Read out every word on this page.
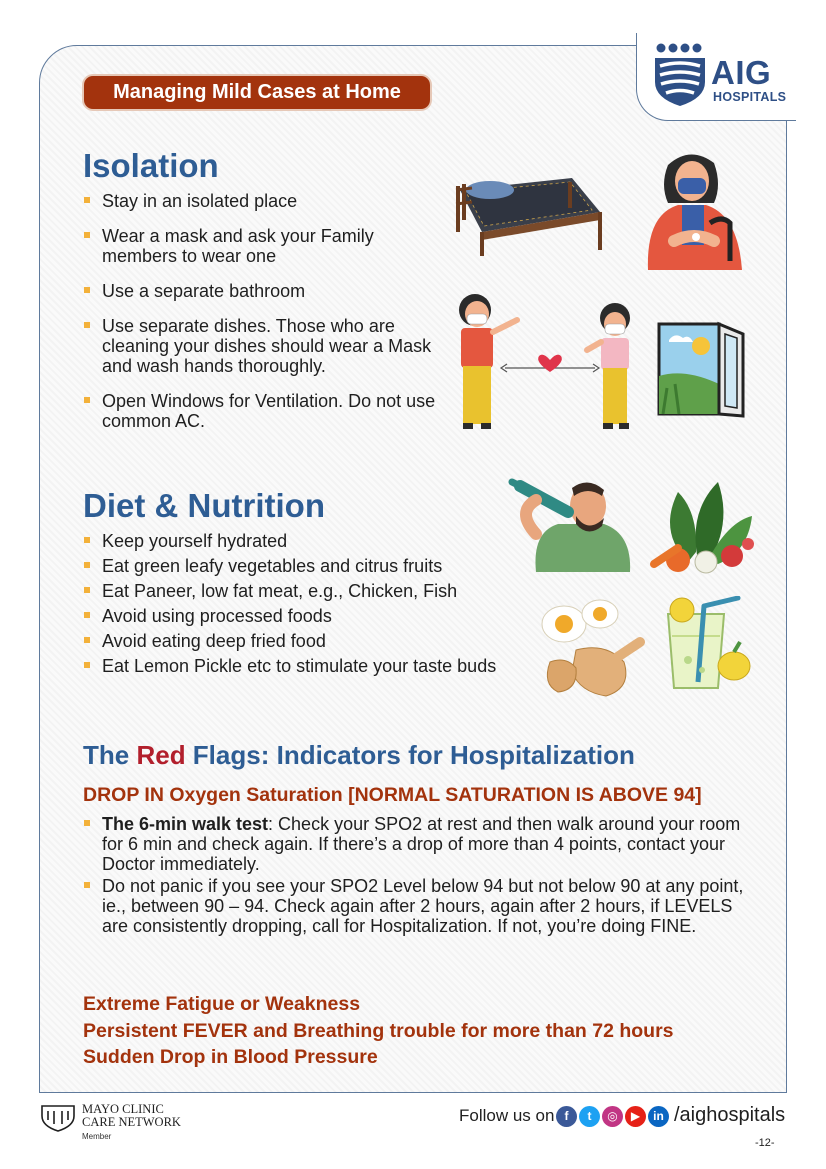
AIG
HOSPITALS
Managing Mild Cases at Home
Isolation
Stay in an isolated place
Wear a mask and ask your Family members to wear one
Use a separate bathroom
Use separate dishes. Those who are cleaning your dishes should wear a Mask and wash hands thoroughly.
Open Windows for Ventilation. Do not use common AC.
Diet & Nutrition
Keep yourself hydrated
Eat green leafy vegetables and citrus fruits
Eat Paneer, low fat meat, e.g., Chicken, Fish
Avoid using processed foods
Avoid eating deep fried food
Eat Lemon Pickle etc to stimulate your taste buds
The Red Flags: Indicators for Hospitalization
DROP IN Oxygen Saturation [NORMAL SATURATION IS ABOVE 94]
The 6-min walk test: Check your SPO2 at rest and then walk around your room for 6 min and check again. If there’s a drop of more than 4 points, contact your Doctor immediately.
Do not panic if you see your SPO2 Level below 94 but not below 90 at any point, ie., between 90 – 94. Check again after 2 hours, again after 2 hours, if LEVELS are consistently dropping, call for Hospitalization. If not, you’re doing FINE.
Extreme Fatigue or Weakness
Persistent FEVER and Breathing trouble for more than 72 hours
Sudden Drop in Blood Pressure
MAYO CLINIC
CARE NETWORK
Member
Follow us on f	t	◎	▶	in /aighospitals
-12-
